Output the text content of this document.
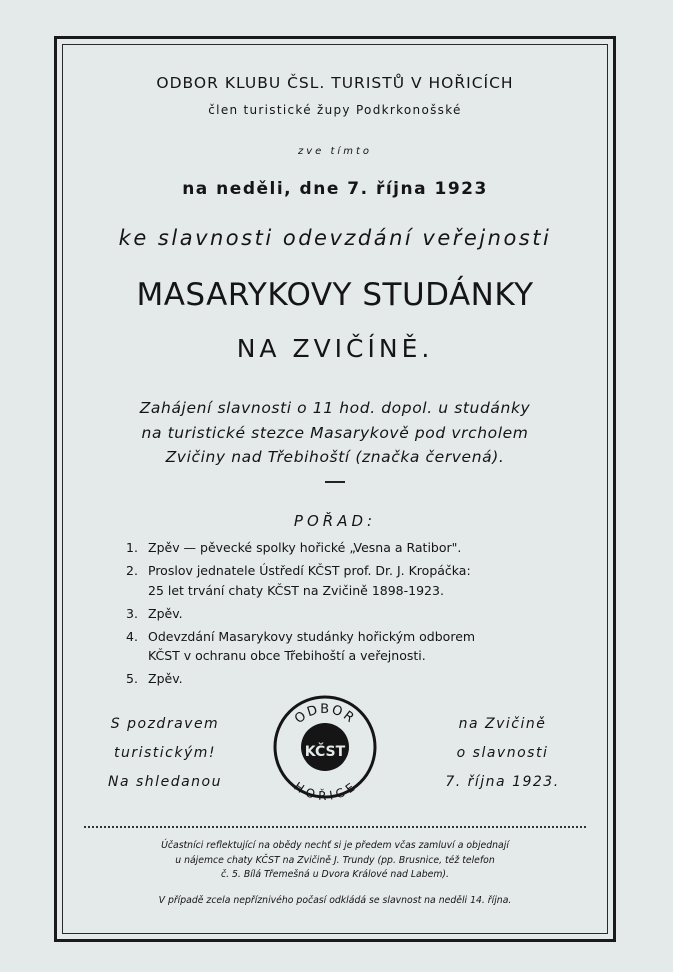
ODBOR KLUBU ČSL. TURISTŮ V HOŘICÍCH
člen turistické župy Podkrkonošské
zve tímto
na neděli, dne 7. října 1923
ke slavnosti odevzdání veřejnosti
MASARYKOVY STUDÁNKY
NA ZVIČÍNĚ.
Zahájení slavnosti o 11 hod. dopol. u studánky
na turistické stezce Masarykově pod vrcholem
Zvičiny nad Třebihoští (značka červená).
POŘAD:
1. Zpěv — pěvecké spolky hořické „Vesna a Ratibor".
2. Proslov jednatele Ústředí KČST prof. Dr. J. Kropáčka:
25 let trvání chaty KČST na Zvičině 1898-1923.
3. Zpěv.
4. Odevzdání Masarykovy studánky hořickým odborem
KČST v ochranu obce Třebihoští a veřejnosti.
5. Zpěv.
S pozdravem
turistickým!
Na shledanou
ODBOR
HOŘICE
KČST
na Zvičině
o slavnosti
7. října 1923.
Účastníci reflektující na obědy nechť si je předem včas zamluví a objednají
u nájemce chaty KČST na Zvičině J. Trundy (pp. Brusnice, též telefon
č. 5. Bílá Třemešná u Dvora Králové nad Labem).
V případě zcela nepříznivého počasí odkládá se slavnost na neděli 14. října.
